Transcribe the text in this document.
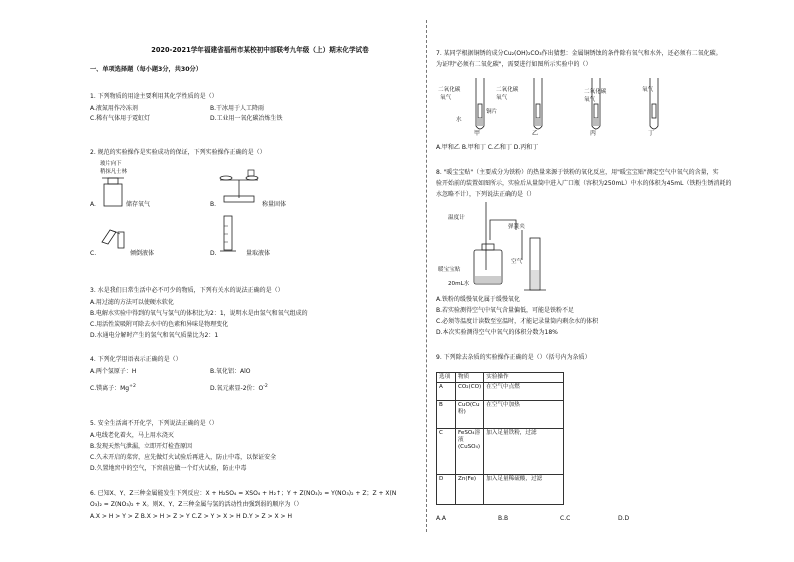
2020-2021学年福建省福州市某校初中部联考九年级（上）期末化学试卷
一、单项选择题（每小题3分，共30分）
1. 下列物质的用途主要利用其化学性质的是（）
A.液氮用作冷冻剂	B.干冰用于人工降雨
C.稀有气体用于霓虹灯	D.工业用一氧化碳冶炼生铁
2. 规范的实验操作是实验成功的保证，下列实验操作正确的是（）
玻片向下
稍抹凡士林
A.	储存氧气	B.	称量固体
C.	倾倒液体	D.	量取液体
3. 水是我们日常生活中必不可少的物质，下列有关水的说法正确的是（）
A.用过滤的方法可以使硬水软化
B.电解水实验中得到的氧气与氢气的体积比为2：1，说明水是由氢气和氧气组成的
C.用活性炭吸附可除去水中的色素和异味是物理变化
D.水通电分解时产生的氢气和氧气质量比为2：1
4. 下列化学用语表示正确的是（）
A.两个氢原子：H	B.氧化铝：AlO
C.镁离子：$Mg^{+2}$	D.氧元素显-2价：$O^{-2}$
5. 安全生活离不开化学，下列说法正确的是（）
A.电线老化着火，马上用水浇灭
B.发现天然气泄漏，立即开灯检查原因
C.久未开启的菜窖，应先做灯火试验后再进入，防止中毒，以保证安全
D.久置地窖中的空气，下窖前应做一个灯火试验，防止中毒
6. 已知X、Y、Z三种金属能发生下列反应：X + H₂SO₄ = XSO₄ + H₂↑；Y + Z(NO₃)₂ = Y(NO₃)₂ + Z；Z + X(N
O₃)₂ = Z(NO₃)₂ + X。则X、Y、Z三种金属与氢的活动性由强到弱的顺序为（）
A.X > H > Y > Z B.X > H > Z > Y C.Z > Y > X > H D.Y > Z > X > H
7. 某同学根据铜锈的成分Cu₂(OH)₂CO₃作出猜想：金属铜锈蚀的条件除有氧气和水外，还必须有二氧化碳。
为证明"必须有二氧化碳"，需要进行如图所示实验中的（）
二氧化碳
氧气
二氧化碳
氧气
二氧化碳
氧气
氧气
水
铜片
甲	乙	丙	丁
A.甲和乙 B.甲和丁 C.乙和丁 D.丙和丁
8. "暖宝宝贴"（主要成分为铁粉）的热量来源于铁粉的氧化反应，用"暖宝宝贴"测定空气中氧气的含量，实
验开始前的装置如图所示，实验后从量筒中进入广口瓶（容积为250mL）中水的体积为45mL（铁粉生锈消耗的
水忽略不计），下列说法正确的是（）
温度计
弹簧夹
空气
暖宝宝贴
20mL水
A.铁粉的缓慢氧化属于缓慢氧化
B.若实验测得空气中氧气含量偏低，可能是铁粉不足
C.必须等温度计读数至室温时，才能记录量筒内剩余水的体积
D.本次实验测得空气中氧气的体积分数为18%
9. 下列除去杂质的实验操作正确的是（）（括号内为杂质）
选项	物质	实验操作
A	CO₂(CO)	在空气中点燃
B	CuO(Cu粉)	在空气中加热
C	FeSO₄溶液(CuSO₄)	加入足量铁粉，过滤
D	Zn(Fe)	加入足量稀硫酸，过滤
A.A	B.B	C.C	D.D
